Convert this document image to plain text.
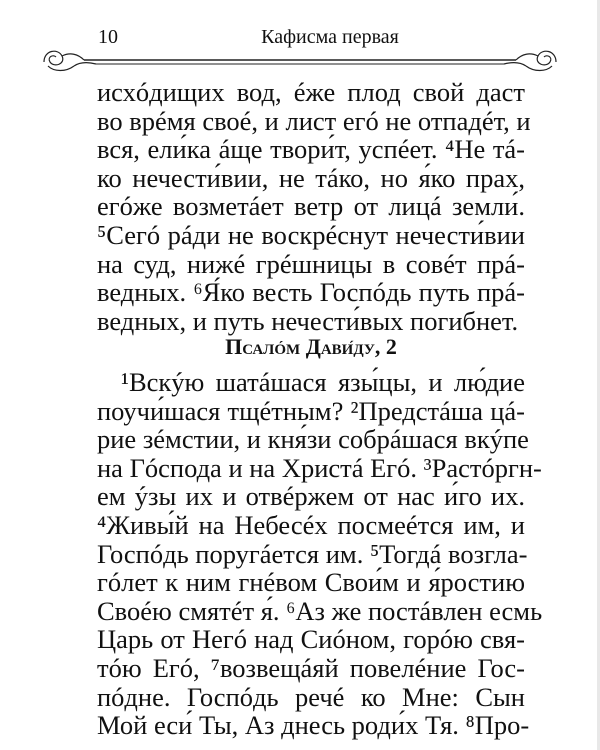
10	Кафисма первая
исхóдищих вод, éже плод свой даст
во врéмя своé, и лист егó не отпадéт, и
вся, ели́ка áще твори́т, успéет. ⁴Не тá-
ко нечести́вии, не тáко, но я́ко прах,
егóже возметáет ветр от лицá земли́.
⁵Сегó рáди не воскрéснут нечести́вии
на суд, нижé грéшницы в совéт прá-
ведных. ⁶Я́ко весть Госпóдь путь прá-
ведных, и путь нечести́вых погибнет.
Псалóм Дави́ду, 2
¹Вскýю шатáшася язы́цы, и лю́дие
поучи́шася тщéтным? ²Предстáша цá-
рие зéмстии, и кня́зи собрáшася вкýпе
на Гóспода и на Христá Егó. ³Растóргн-
ем ýзы их и отвéржем от нас и́го их.
⁴Живы́й на Небесéх посмеéтся им, и
Госпóдь поругáется им. ⁵Тогдá возгла-
гóлет к ним гнéвом Свои́м и я́ростию
Своéю смятéт я́. ⁶Аз же постáвлен есмь
Царь от Негó над Сиóном, горóю свя-
тóю Егó, ⁷возвещáяй повелéние Гос-
пóдне. Госпóдь речé ко Мне: Сын
Мой еси́ Ты, Аз днесь роди́х Тя. ⁸Про-
